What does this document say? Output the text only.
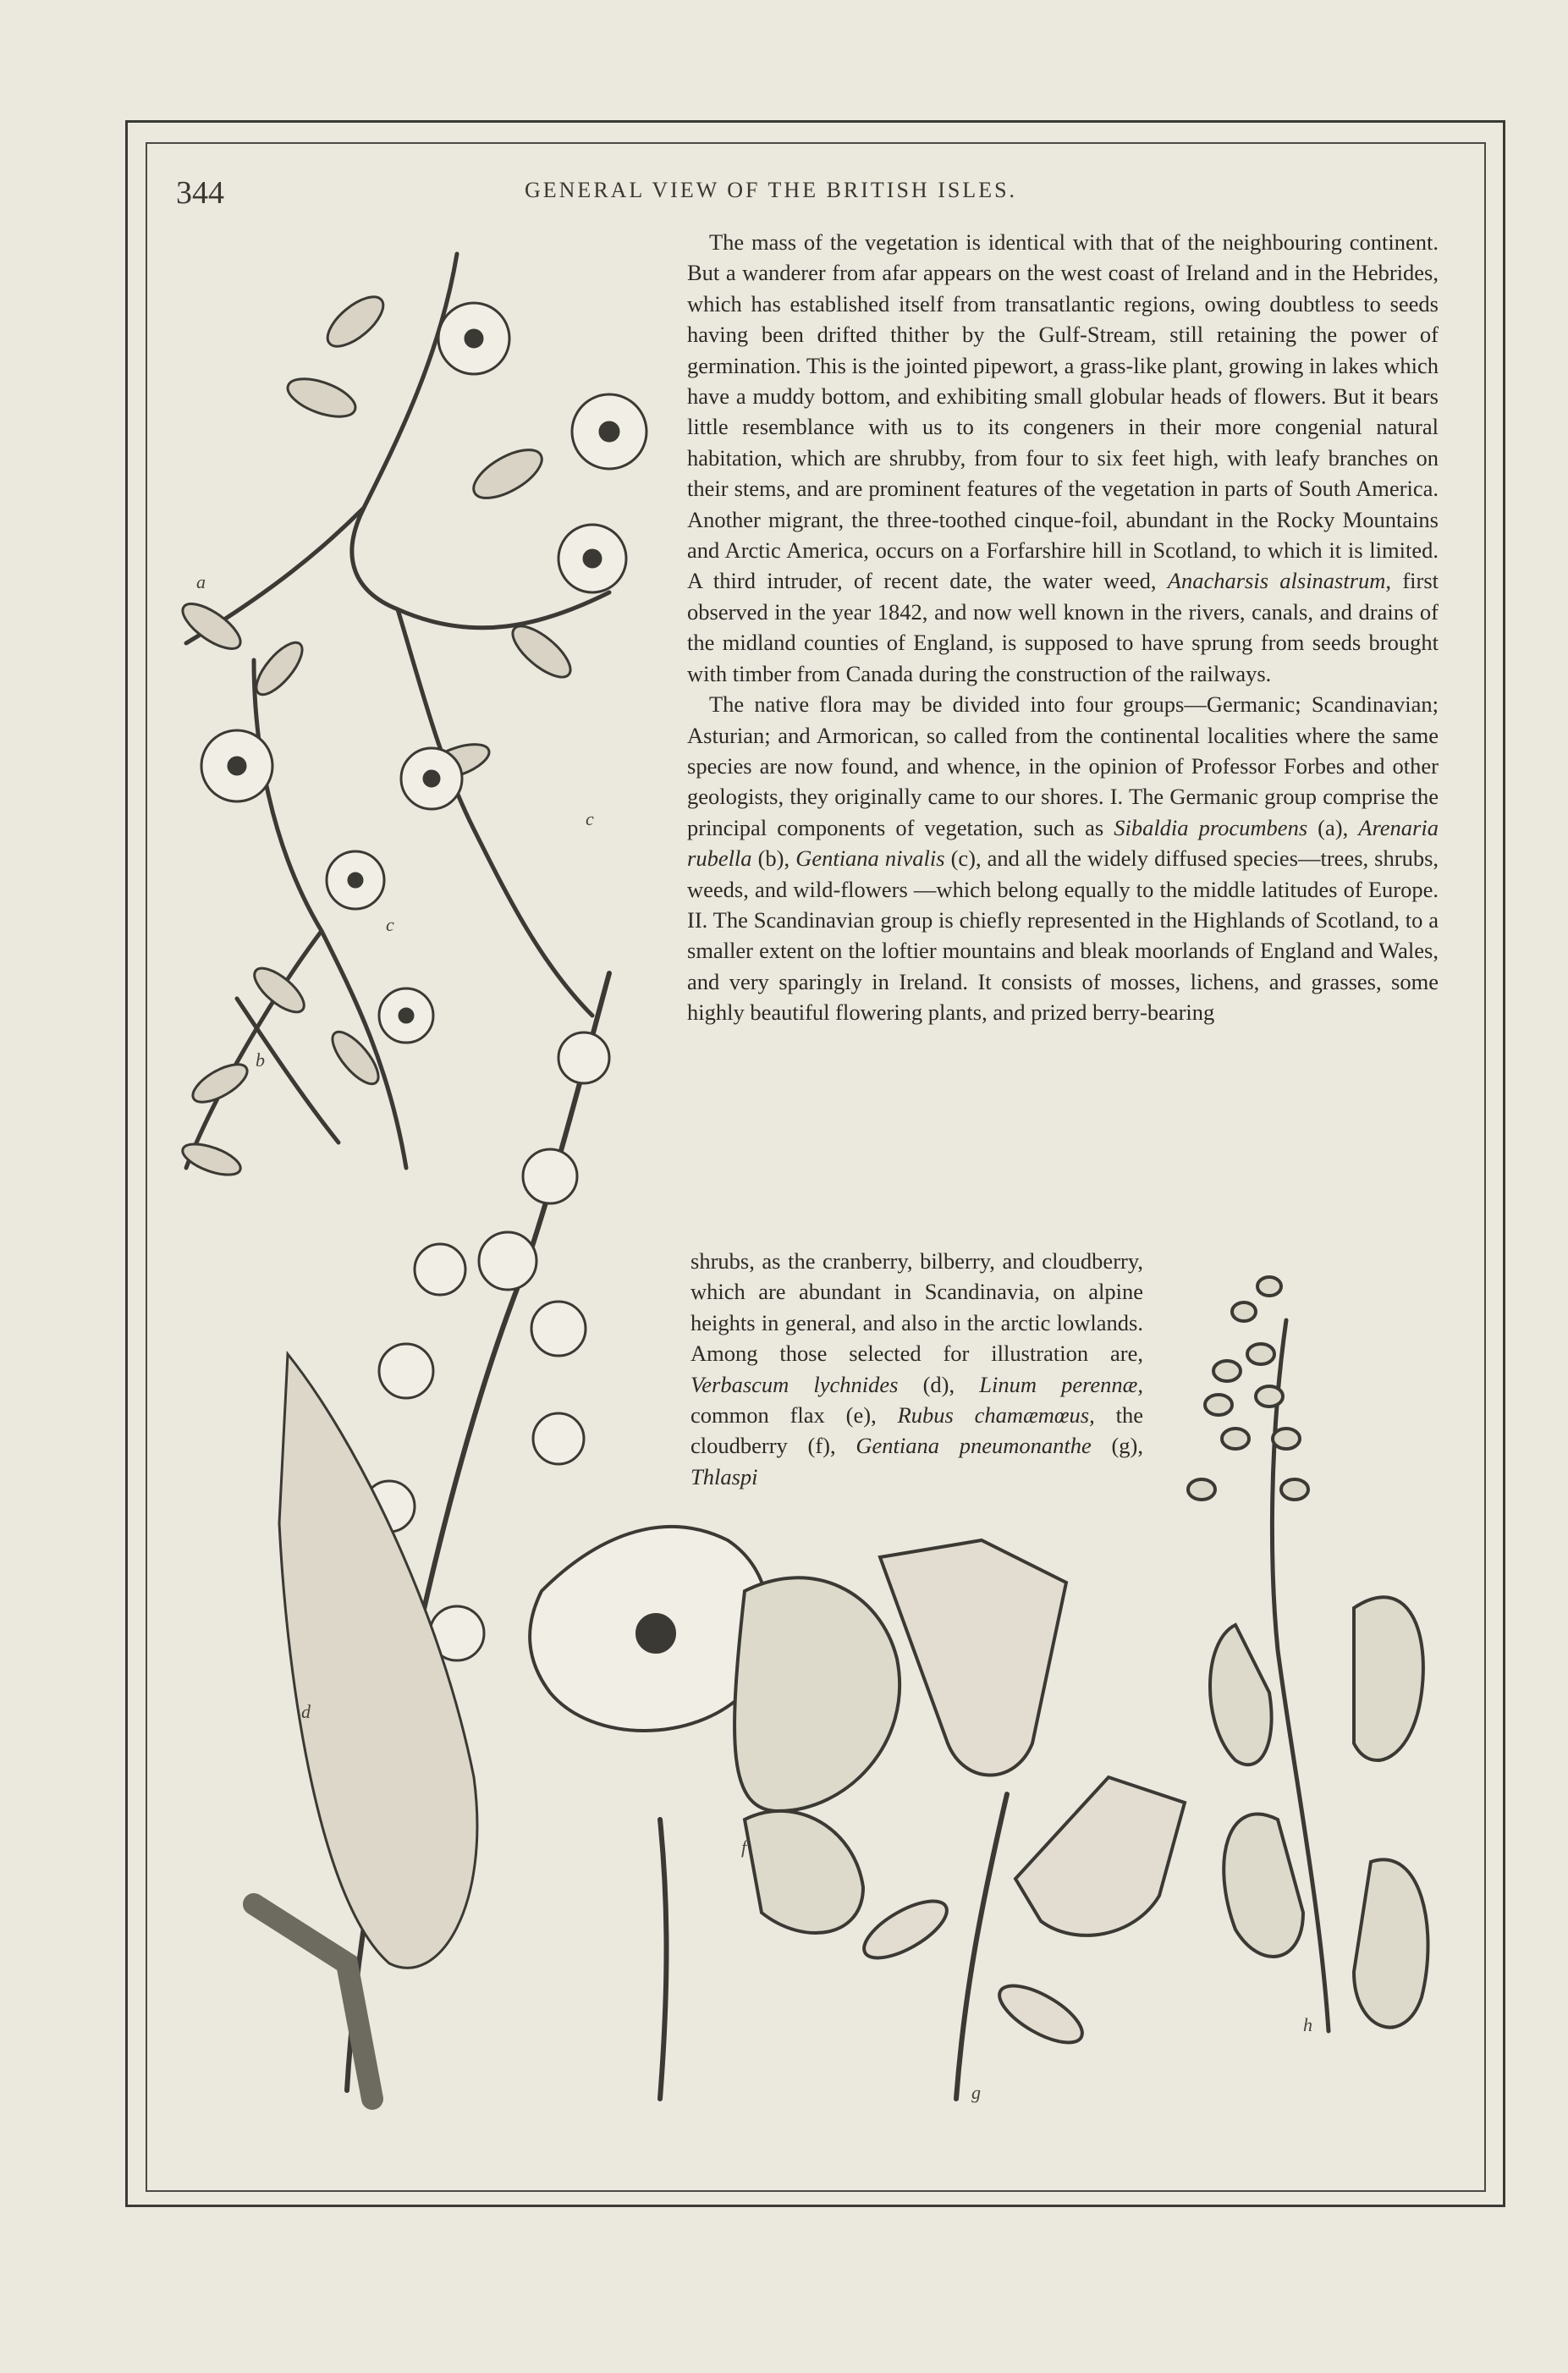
344	GENERAL VIEW OF THE BRITISH ISLES.
a
b
c
c
d
f
g
h

The mass of the vegetation is identical with that of the neighbouring continent. But a wanderer from afar appears on the west coast of Ireland and in the Hebrides, which has established itself from transatlantic regions, owing doubtless to seeds having been drifted thither by the Gulf-Stream, still retaining the power of germination. This is the jointed pipewort, a grass-like plant, growing in lakes which have a muddy bottom, and exhibiting small globular heads of flowers. But it bears little resemblance with us to its congeners in their more congenial natural habitation, which are shrubby, from four to six feet high, with leafy branches on their stems, and are prominent features of the vegetation in parts of South America. Another migrant, the three-toothed cinque-foil, abundant in the Rocky Mountains and Arctic America, occurs on a Forfarshire hill in Scotland, to which it is limited. A third intruder, of recent date, the water weed, Anacharsis alsinastrum, first observed in the year 1842, and now well known in the rivers, canals, and drains of the midland counties of England, is supposed to have sprung from seeds brought with timber from Canada during the construction of the railways.

The native flora may be divided into four groups—Germanic; Scandinavian; Asturian; and Armorican, so called from the continental localities where the same species are now found, and whence, in the opinion of Professor Forbes and other geologists, they originally came to our shores. I. The Germanic group comprise the principal components of vegetation, such as Sibaldia procumbens (a), Arenaria rubella (b), Gentiana nivalis (c), and all the widely diffused species—trees, shrubs, weeds, and wild-flowers —which belong equally to the middle latitudes of Europe. II. The Scandinavian group is chiefly represented in the Highlands of Scotland, to a smaller extent on the loftier mountains and bleak moorlands of England and Wales, and very sparingly in Ireland. It consists of mosses, lichens, and grasses, some highly beautiful flowering plants, and prized berry-bearing

shrubs, as the cranberry, bilberry, and cloudberry, which are abundant in Scandinavia, on alpine heights in general, and also in the arctic lowlands. Among those selected for illustration are, Verbascum lychnides (d), Linum perennæ, common flax (e), Rubus chamæmœus, the cloudberry (f), Gentiana pneumonanthe (g), Thlaspi
